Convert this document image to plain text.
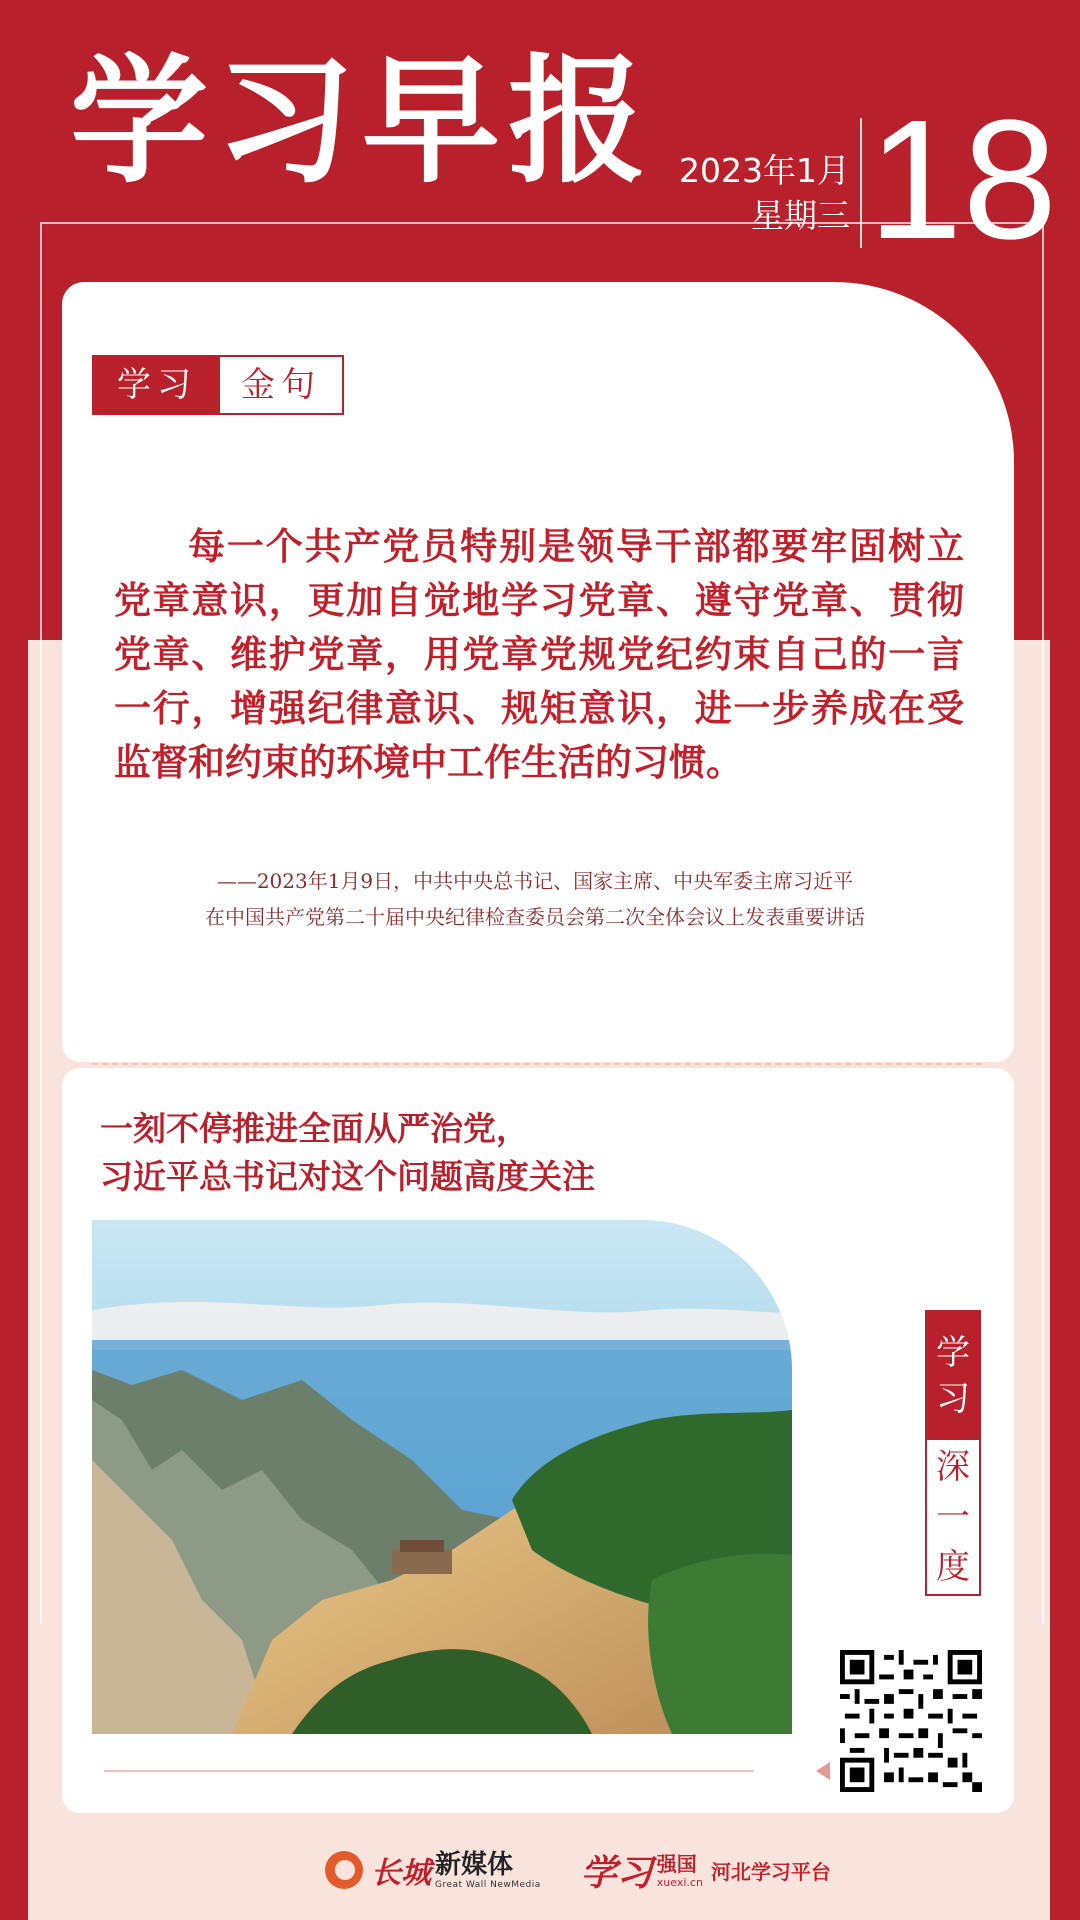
学习早报 2023年1月
星期三 18
学习	金句
每一个共产党员特别是领导干部都要牢固树立党章意识，更加自觉地学习党章、遵守党章、贯彻党章、维护党章，用党章党规党纪约束自己的一言一行，增强纪律意识、规矩意识，进一步养成在受监督和约束的环境中工作生活的习惯。
——2023年1月9日，中共中央总书记、国家主席、中央军委主席习近平
在中国共产党第二十届中央纪律检查委员会第二次全体会议上发表重要讲话
一刻不停推进全面从严治党，
习近平总书记对这个问题高度关注
学
习
深
一
度
长城 新媒体
Great Wall NewMedia 学习 强国
xuexi.cn 河北学习平台
